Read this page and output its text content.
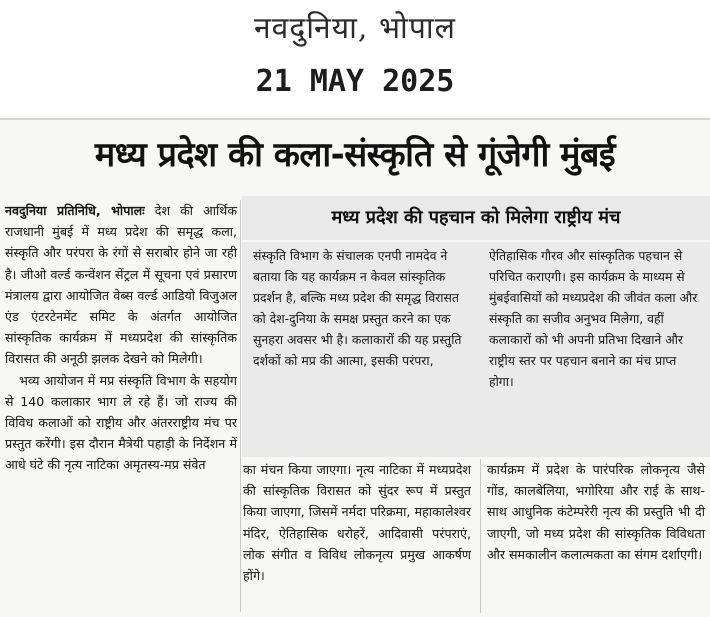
नवदुनिया, भोपाल
21 MAY 2025
मध्य प्रदेश की कला-संस्कृति से गूंजेगी मुंबई

नवदुनिया प्रतिनिधि, भोपालः देश की आर्थिक राजधानी मुंबई में मध्य प्रदेश की समृद्ध कला, संस्कृति और परंपरा के रंगों से सराबोर होने जा रही है। जीओ वर्ल्ड कन्वेंशन सेंट्रल में सूचना एवं प्रसारण मंत्रालय द्वारा आयोजित वेब्स वर्ल्ड आडियो विजुअल एंड एंटरटेनमेंट समिट के अंतर्गत आयोजित सांस्कृतिक कार्यक्रम में मध्यप्रदेश की सांस्कृतिक विरासत की अनूठी झलक देखने को मिलेगी।

भव्य आयोजन में मप्र संस्कृति विभाग के सहयोग से 140 कलाकार भाग ले रहे हैं। जो राज्य की विविध कलाओं को राष्ट्रीय और अंतरराष्ट्रीय मंच पर प्रस्तुत करेंगी। इस दौरान मैत्रेयी पहाड़ी के निर्देशन में आधे घंटे की नृत्य नाटिका अमृतस्य-मप्र संवेत

मध्य प्रदेश की पहचान को मिलेगा राष्ट्रीय मंच
संस्कृति विभाग के संचालक एनपी नामदेव ने बताया कि यह कार्यक्रम न केवल सांस्कृतिक प्रदर्शन है, बल्कि मध्य प्रदेश की समृद्ध विरासत को देश-दुनिया के समक्ष प्रस्तुत करने का एक सुनहरा अवसर भी है। कलाकारों की यह प्रस्तुति दर्शकों को मप्र की आत्मा, इसकी परंपरा,
ऐतिहासिक गौरव और सांस्कृतिक पहचान से परिचित कराएगी। इस कार्यक्रम के माध्यम से मुंबईवासियों को मध्यप्रदेश की जीवंत कला और संस्कृति का सजीव अनुभव मिलेगा, वहीं कलाकारों को भी अपनी प्रतिभा दिखाने और राष्ट्रीय स्तर पर पहचान बनाने का मंच प्राप्त होगा।
का मंचन किया जाएगा। नृत्य नाटिका में मध्यप्रदेश की सांस्कृतिक विरासत को सुंदर रूप में प्रस्तुत किया जाएगा, जिसमें नर्मदा परिक्रमा, महाकालेश्वर मंदिर, ऐतिहासिक धरोहरें, आदिवासी परंपराएं, लोक संगीत व विविध लोकनृत्य प्रमुख आकर्षण होंगे।
कार्यक्रम में प्रदेश के पारंपरिक लोकनृत्य जैसे गोंड, कालबेलिया, भगोरिया और राई के साथ-साथ आधुनिक कंटेम्परेरी नृत्य की प्रस्तुति भी दी जाएगी, जो मध्य प्रदेश की सांस्कृतिक विविधता और समकालीन कलात्मकता का संगम दर्शाएगी।
